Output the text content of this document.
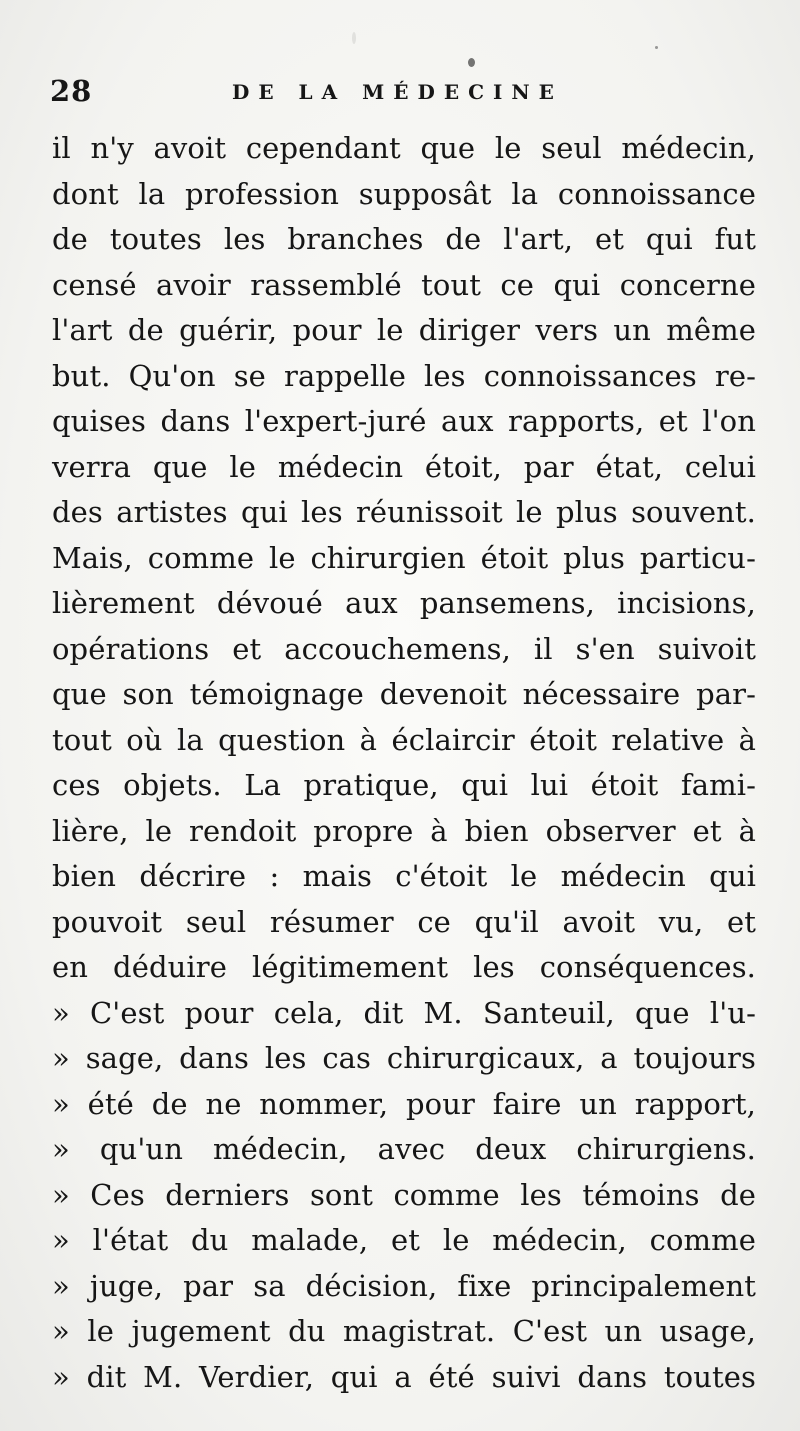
28	DE LA MÉDECINE
il n'y avoit cependant que le seul médecin,
dont la profession supposât la connoissance
de toutes les branches de l'art, et qui fut
censé avoir rassemblé tout ce qui concerne
l'art de guérir, pour le diriger vers un même
but. Qu'on se rappelle les connoissances re-
quises dans l'expert-juré aux rapports, et l'on
verra que le médecin étoit, par état, celui
des artistes qui les réunissoit le plus souvent.
Mais, comme le chirurgien étoit plus particu-
lièrement dévoué aux pansemens, incisions,
opérations et accouchemens, il s'en suivoit
que son témoignage devenoit nécessaire par-
tout où la question à éclaircir étoit relative à
ces objets. La pratique, qui lui étoit fami-
lière, le rendoit propre à bien observer et à
bien décrire : mais c'étoit le médecin qui
pouvoit seul résumer ce qu'il avoit vu, et
en déduire légitimement les conséquences.
» C'est pour cela, dit M. Santeuil, que l'u-
» sage, dans les cas chirurgicaux, a toujours
» été de ne nommer, pour faire un rapport,
» qu'un médecin, avec deux chirurgiens.
» Ces derniers sont comme les témoins de
» l'état du malade, et le médecin, comme
» juge, par sa décision, fixe principalement
» le jugement du magistrat. C'est un usage,
» dit M. Verdier, qui a été suivi dans toutes
